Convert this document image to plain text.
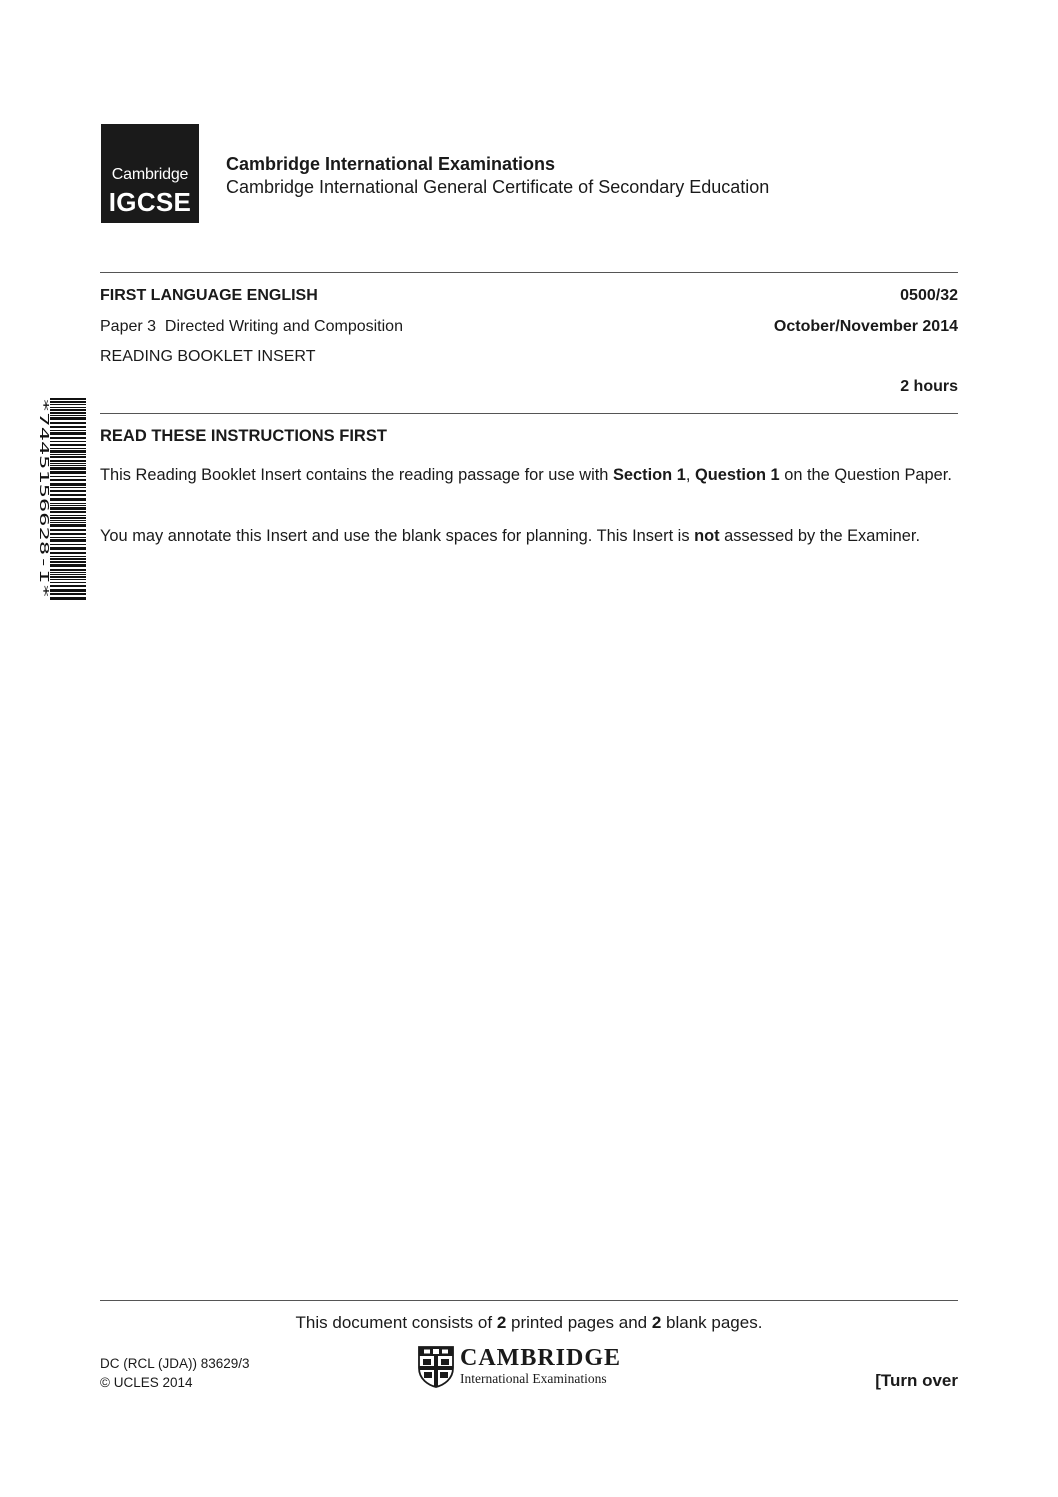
Cambridge
IGCSE
Cambridge International Examinations
Cambridge International General Certificate of Secondary Education
FIRST LANGUAGE ENGLISH	0500/32
Paper 3  Directed Writing and Composition	October/November 2014
READING BOOKLET INSERT
2 hours
*7445156628-I*	READ THESE INSTRUCTIONS FIRST
This Reading Booklet Insert contains the reading passage for use with Section 1, Question 1 on the Question Paper.
You may annotate this Insert and use the blank spaces for planning. This Insert is not assessed by the Examiner.
This document consists of 2 printed pages and 2 blank pages.
DC (RCL (JDA)) 83629/3
© UCLES 2014
CAMBRIDGE
International Examinations	[Turn over
